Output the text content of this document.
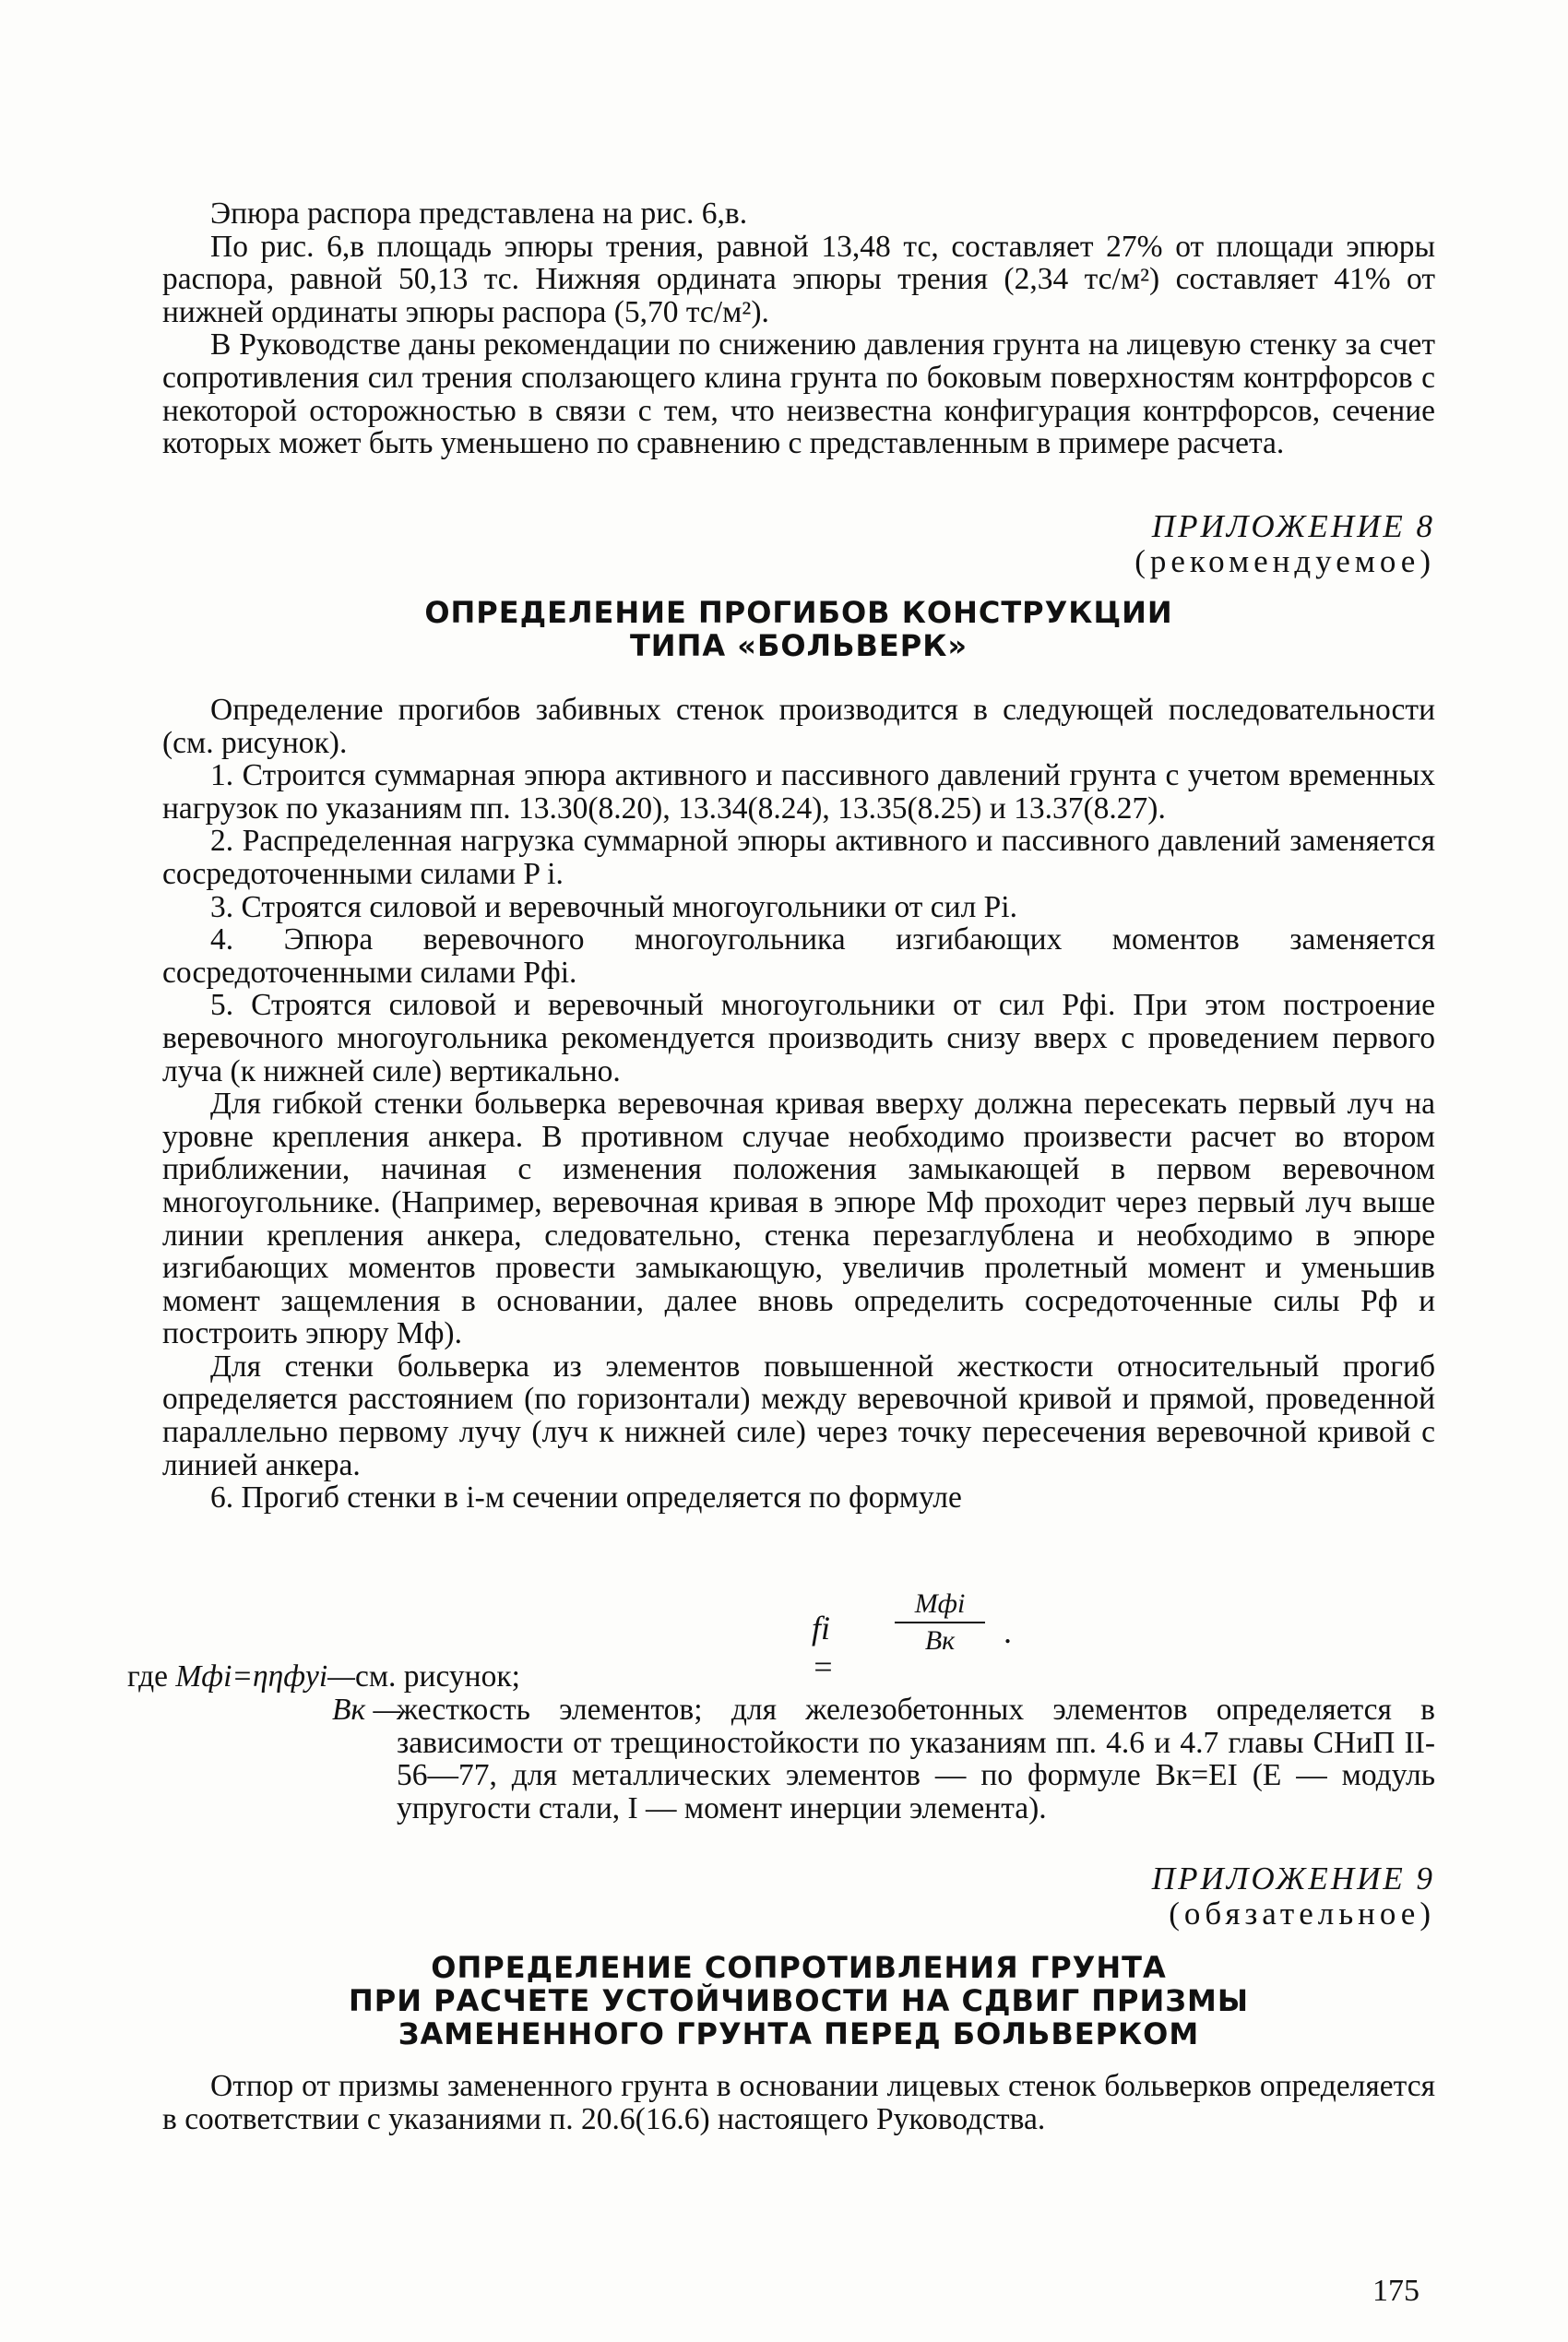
Эпюра распора представлена на рис. 6,в.

По рис. 6,в площадь эпюры трения, равной 13,48 тс, составляет 27% от площади эпюры распора, равной 50,13 тс. Нижняя ордината эпюры трения (2,34 тс/м²) составляет 41% от нижней ординаты эпюры распора (5,70 тс/м²).

В Руководстве даны рекомендации по снижению давления грунта на лицевую стенку за счет сопротивления сил трения сползающего клина грунта по боковым поверхностям контрфорсов с некоторой осторожностью в связи с тем, что неизвестна конфигурация контрфорсов, сечение которых может быть уменьшено по сравнению с представленным в примере расчета.

ПРИЛОЖЕНИЕ 8
(рекомендуемое)
ОПРЕДЕЛЕНИЕ ПРОГИБОВ КОНСТРУКЦИИ
ТИПА «БОЛЬВЕРК»

Определение прогибов забивных стенок производится в следующей последовательности (см. рисунок).

1. Строится суммарная эпюра активного и пассивного давлений грунта с учетом временных нагрузок по указаниям пп. 13.30(8.20), 13.34(8.24), 13.35(8.25) и 13.37(8.27).

2. Распределенная нагрузка суммарной эпюры активного и пассивного давлений заменяется сосредоточенными силами P i.

3. Строятся силовой и веревочный многоугольники от сил Pi.

4. Эпюра веревочного многоугольника изгибающих моментов заменяется сосредоточенными силами Pфi.

5. Строятся силовой и веревочный многоугольники от сил Pфi. При этом построение веревочного многоугольника рекомендуется производить снизу вверх с проведением первого луча (к нижней силе) вертикально.

Для гибкой стенки больверка веревочная кривая вверху должна пересекать первый луч на уровне крепления анкера. В противном случае необходимо произвести расчет во втором приближении, начиная с изменения положения замыкающей в первом веревочном многоугольнике. (Например, веревочная кривая в эпюре Mф проходит через первый луч выше линии крепления анкера, следовательно, стенка перезаглублена и необходимо в эпюре изгибающих моментов провести замыкающую, увеличив пролетный момент и уменьшив момент защемления в основании, далее вновь определить сосредоточенные силы Pф и построить эпюру Mф).

Для стенки больверка из элементов повышенной жесткости относительный прогиб определяется расстоянием (по горизонтали) между веревочной кривой и прямой, проведенной параллельно первому лучу (луч к нижней силе) через точку пересечения веревочной кривой с линией анкера.

6. Прогиб стенки в i-м сечении определяется по формуле

fi =
Mфi
Bк	.
где Mфi=ηηфyi—см. рисунок;
Bк —
жесткость элементов; для железобетонных элементов определяется в зависимости от трещиностойкости по указаниям пп. 4.6 и 4.7 главы СНиП II-56—77, для металлических элементов — по формуле Bк=EI (E — модуль упругости стали, I — момент инерции элемента).
ПРИЛОЖЕНИЕ 9
(обязательное)
ОПРЕДЕЛЕНИЕ СОПРОТИВЛЕНИЯ ГРУНТА
ПРИ РАСЧЕТЕ УСТОЙЧИВОСТИ НА СДВИГ ПРИЗМЫ
ЗАМЕНЕННОГО ГРУНТА ПЕРЕД БОЛЬВЕРКОМ

Отпор от призмы замененного грунта в основании лицевых стенок больверков определяется в соответствии с указаниями п. 20.6(16.6) настоящего Руководства.

175
